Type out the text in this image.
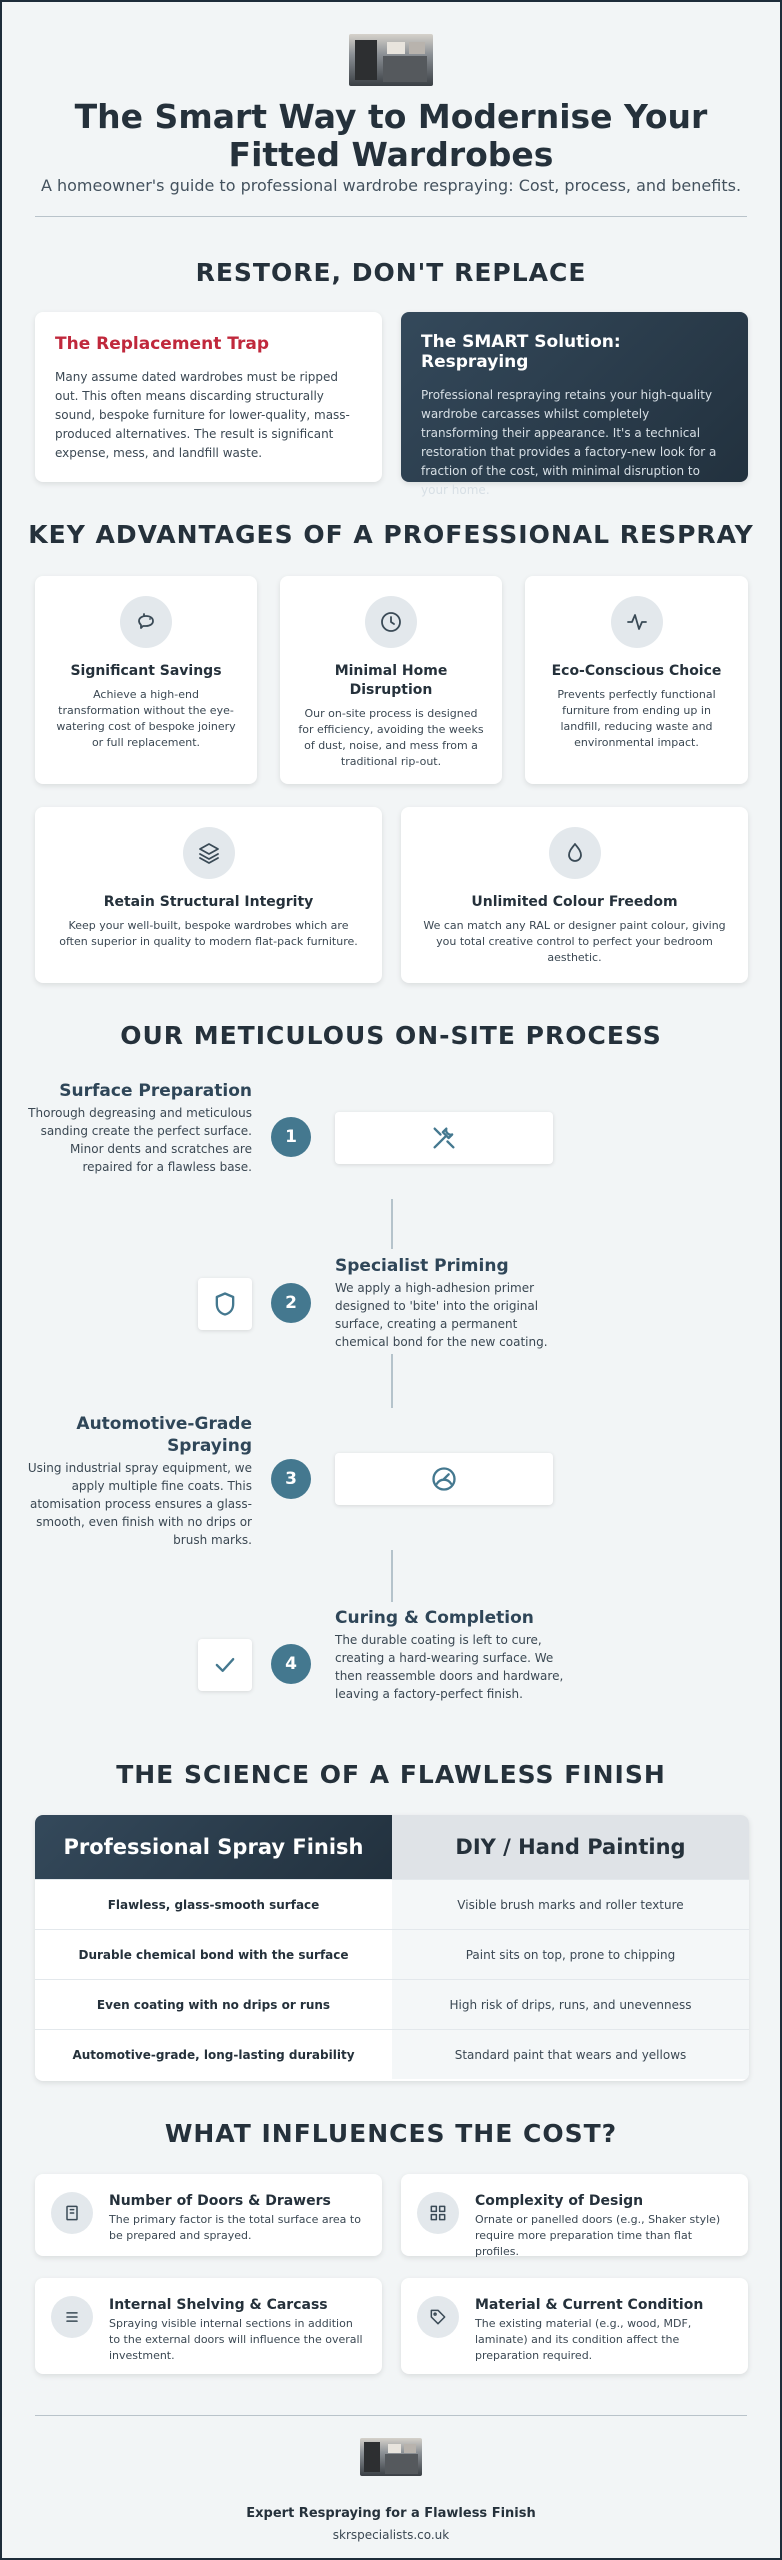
The Smart Way to Modernise Your Fitted Wardrobes
A homeowner's guide to professional wardrobe respraying: Cost, process, and benefits.
RESTORE, DON'T REPLACE
The Replacement Trap

Many assume dated wardrobes must be ripped out. This often means discarding structurally sound, bespoke furniture for lower-quality, mass-produced alternatives. The result is significant expense, mess, and landfill waste.

The SMART Solution: Respraying

Professional respraying retains your high-quality wardrobe carcasses whilst completely transforming their appearance. It's a technical restoration that provides a factory-new look for a fraction of the cost, with minimal disruption to your home.

KEY ADVANTAGES OF A PROFESSIONAL RESPRAY
Significant Savings

Achieve a high-end transformation without the eye-watering cost of bespoke joinery or full replacement.

Minimal Home Disruption

Our on-site process is designed for efficiency, avoiding the weeks of dust, noise, and mess from a traditional rip-out.

Eco-Conscious Choice

Prevents perfectly functional furniture from ending up in landfill, reducing waste and environmental impact.

Retain Structural Integrity

Keep your well-built, bespoke wardrobes which are often superior in quality to modern flat-pack furniture.

Unlimited Colour Freedom

We can match any RAL or designer paint colour, giving you total creative control to perfect your bedroom aesthetic.

OUR METICULOUS ON-SITE PROCESS
Surface Preparation

Thorough degreasing and meticulous sanding create the perfect surface. Minor dents and scratches are repaired for a flawless base.

1
2
Specialist Priming

We apply a high-adhesion primer designed to 'bite' into the original surface, creating a permanent chemical bond for the new coating.

Automotive-Grade Spraying

Using industrial spray equipment, we apply multiple fine coats. This atomisation process ensures a glass-smooth, even finish with no drips or brush marks.

3
4
Curing & Completion

The durable coating is left to cure, creating a hard-wearing surface. We then reassemble doors and hardware, leaving a factory-perfect finish.

THE SCIENCE OF A FLAWLESS FINISH
Professional Spray Finish	DIY / Hand Painting
Flawless, glass-smooth surface	Visible brush marks and roller texture
Durable chemical bond with the surface	Paint sits on top, prone to chipping
Even coating with no drips or runs	High risk of drips, runs, and unevenness
Automotive-grade, long-lasting durability	Standard paint that wears and yellows
WHAT INFLUENCES THE COST?
Number of Doors & Drawers

The primary factor is the total surface area to be prepared and sprayed.

Complexity of Design

Ornate or panelled doors (e.g., Shaker style) require more preparation time than flat profiles.

Internal Shelving & Carcass

Spraying visible internal sections in addition to the external doors will influence the overall investment.

Material & Current Condition

The existing material (e.g., wood, MDF, laminate) and its condition affect the preparation required.

skrspecialists.co.uk
Expert Respraying for a Flawless Finish
